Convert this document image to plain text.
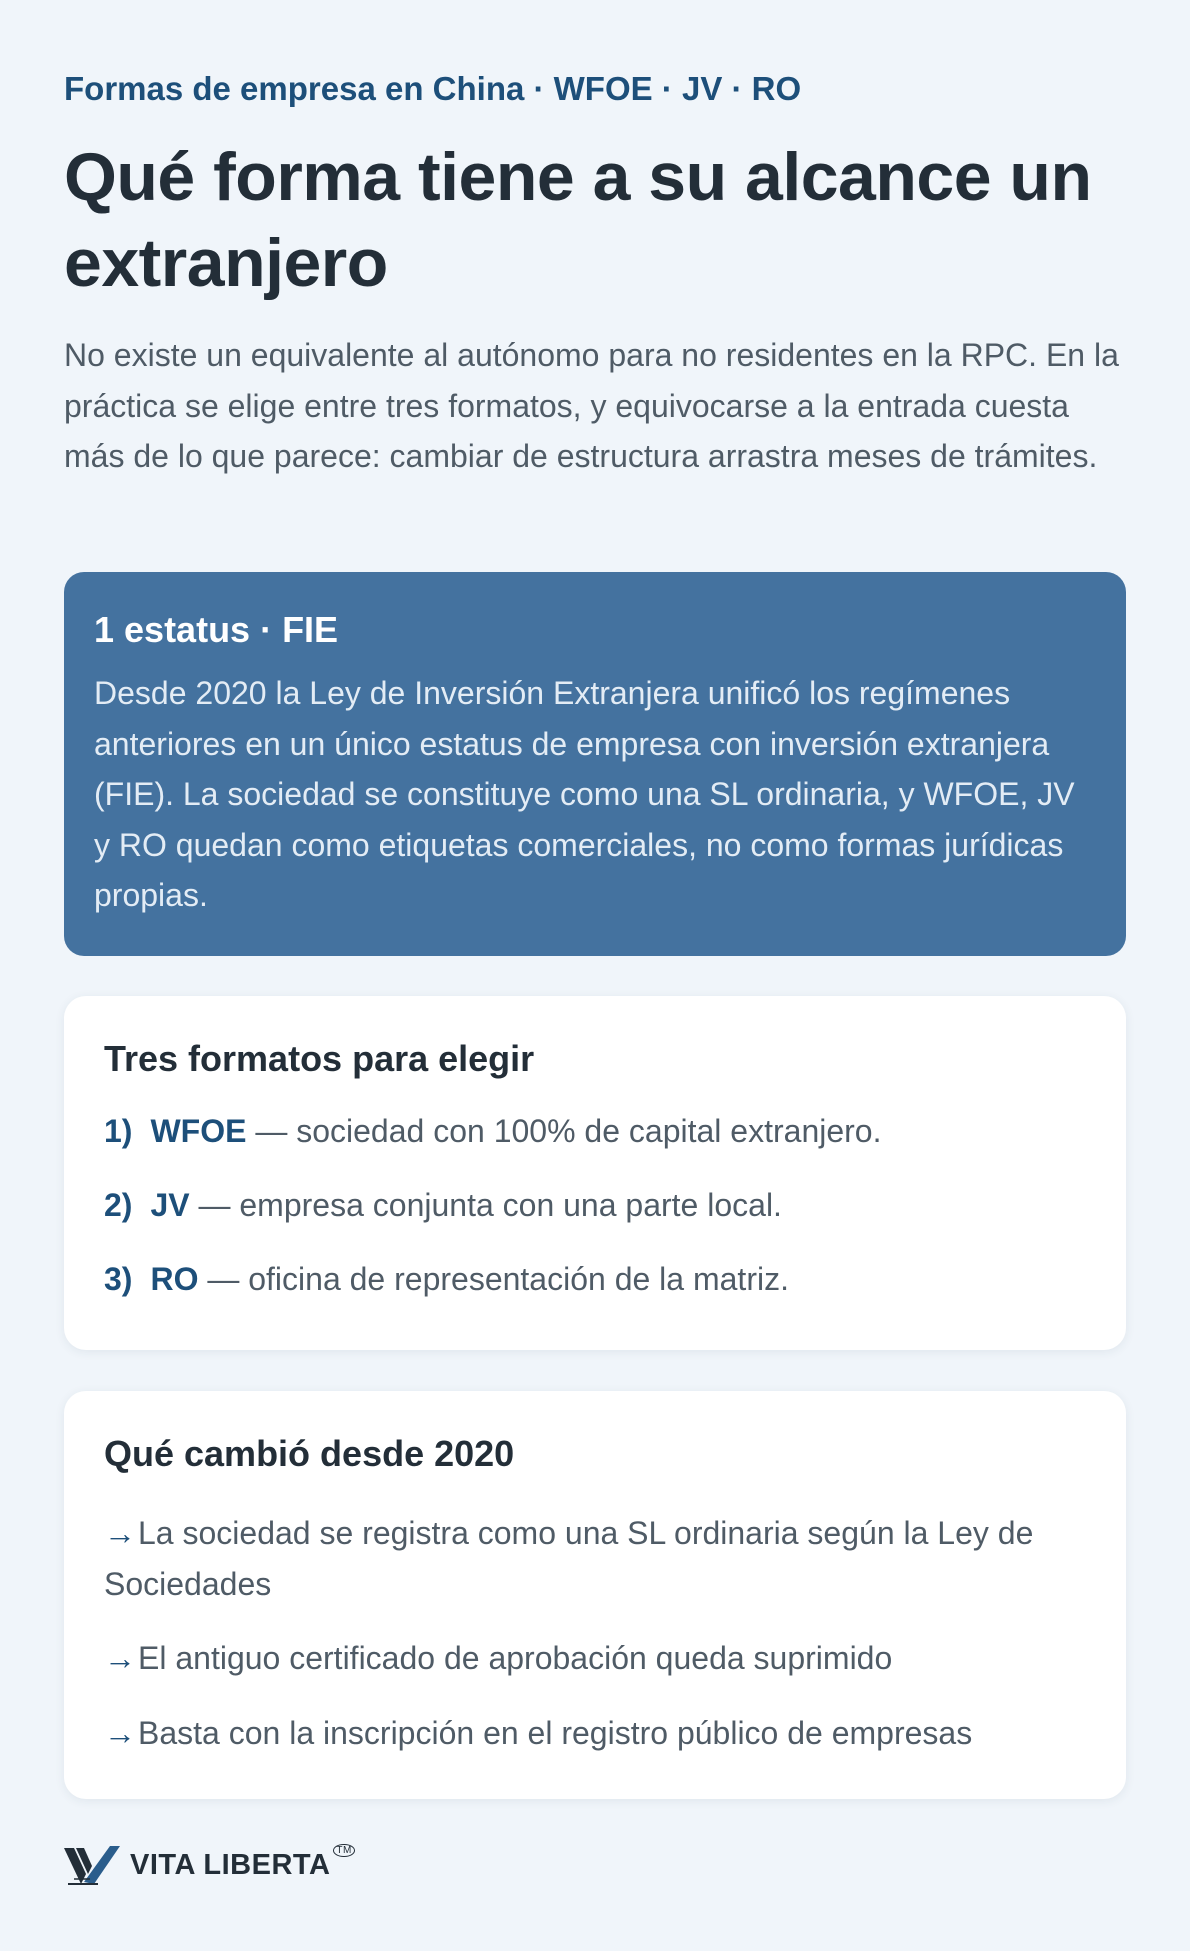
Formas de empresa en China · WFOE · JV · RO
Qué forma tiene a su alcance un extranjero

No existe un equivalente al autónomo para no residentes en la RPC. En la práctica se elige entre tres formatos, y equivocarse a la entrada cuesta más de lo que parece: cambiar de estructura arrastra meses de trámites.

1 estatus · FIE
Desde 2020 la Ley de Inversión Extranjera unificó los regímenes anteriores en un único estatus de empresa con inversión extranjera (FIE). La sociedad se constituye como una SL ordinaria, y WFOE, JV y RO quedan como etiquetas comerciales, no como formas jurídicas propias.
Tres formatos para elegir
1) WFOE — sociedad con 100% de capital extranjero.
2) JV — empresa conjunta con una parte local.
3) RO — oficina de representación de la matriz.
Qué cambió desde 2020
→La sociedad se registra como una SL ordinaria según la Ley de Sociedades
→El antiguo certificado de aprobación queda suprimido
→Basta con la inscripción en el registro público de empresas
VITA LIBERTA ™
